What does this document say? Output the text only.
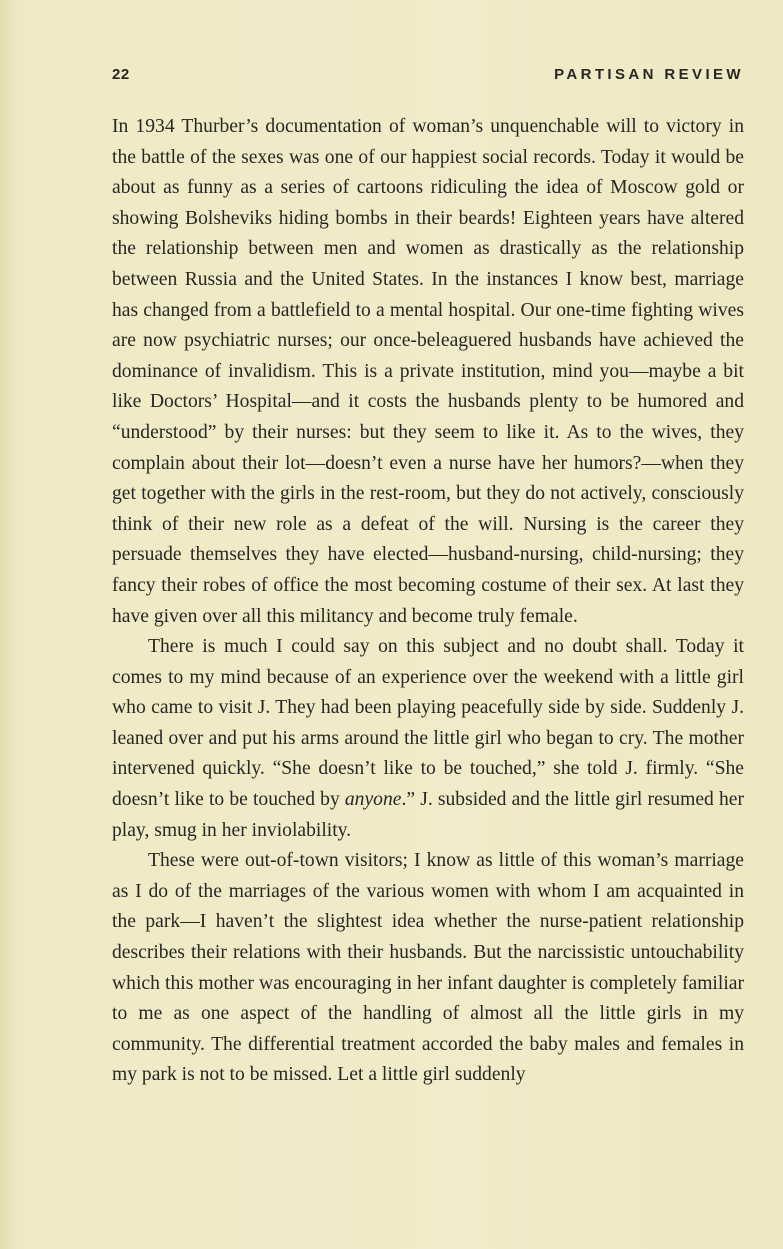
22	PARTISAN REVIEW

In 1934 Thurber’s documentation of woman’s unquenchable will to victory in the battle of the sexes was one of our happiest social records. Today it would be about as funny as a series of cartoons ridiculing the idea of Moscow gold or showing Bolsheviks hiding bombs in their beards! Eighteen years have altered the relationship between men and women as drastically as the relationship between Russia and the United States. In the instances I know best, marriage has changed from a battlefield to a mental hospital. Our one-time fighting wives are now psychiatric nurses; our once-beleaguered husbands have achieved the dominance of invalidism. This is a private institution, mind you—maybe a bit like Doctors’ Hospital—and it costs the husbands plenty to be humored and “understood” by their nurses: but they seem to like it. As to the wives, they complain about their lot—doesn’t even a nurse have her humors?—when they get together with the girls in the rest-room, but they do not actively, consciously think of their new role as a defeat of the will. Nursing is the career they persuade themselves they have elected—husband-nursing, child-nursing; they fancy their robes of office the most becoming costume of their sex. At last they have given over all this militancy and become truly female.

There is much I could say on this subject and no doubt shall. Today it comes to my mind because of an experience over the weekend with a little girl who came to visit J. They had been playing peacefully side by side. Suddenly J. leaned over and put his arms around the little girl who began to cry. The mother intervened quickly. “She doesn’t like to be touched,” she told J. firmly. “She doesn’t like to be touched by anyone.” J. subsided and the little girl resumed her play, smug in her inviolability.

These were out-of-town visitors; I know as little of this woman’s marriage as I do of the marriages of the various women with whom I am acquainted in the park—I haven’t the slightest idea whether the nurse-patient relationship describes their relations with their husbands. But the narcissistic untouchability which this mother was encouraging in her infant daughter is completely familiar to me as one aspect of the handling of almost all the little girls in my community. The differential treatment accorded the baby males and females in my park is not to be missed. Let a little girl suddenly
